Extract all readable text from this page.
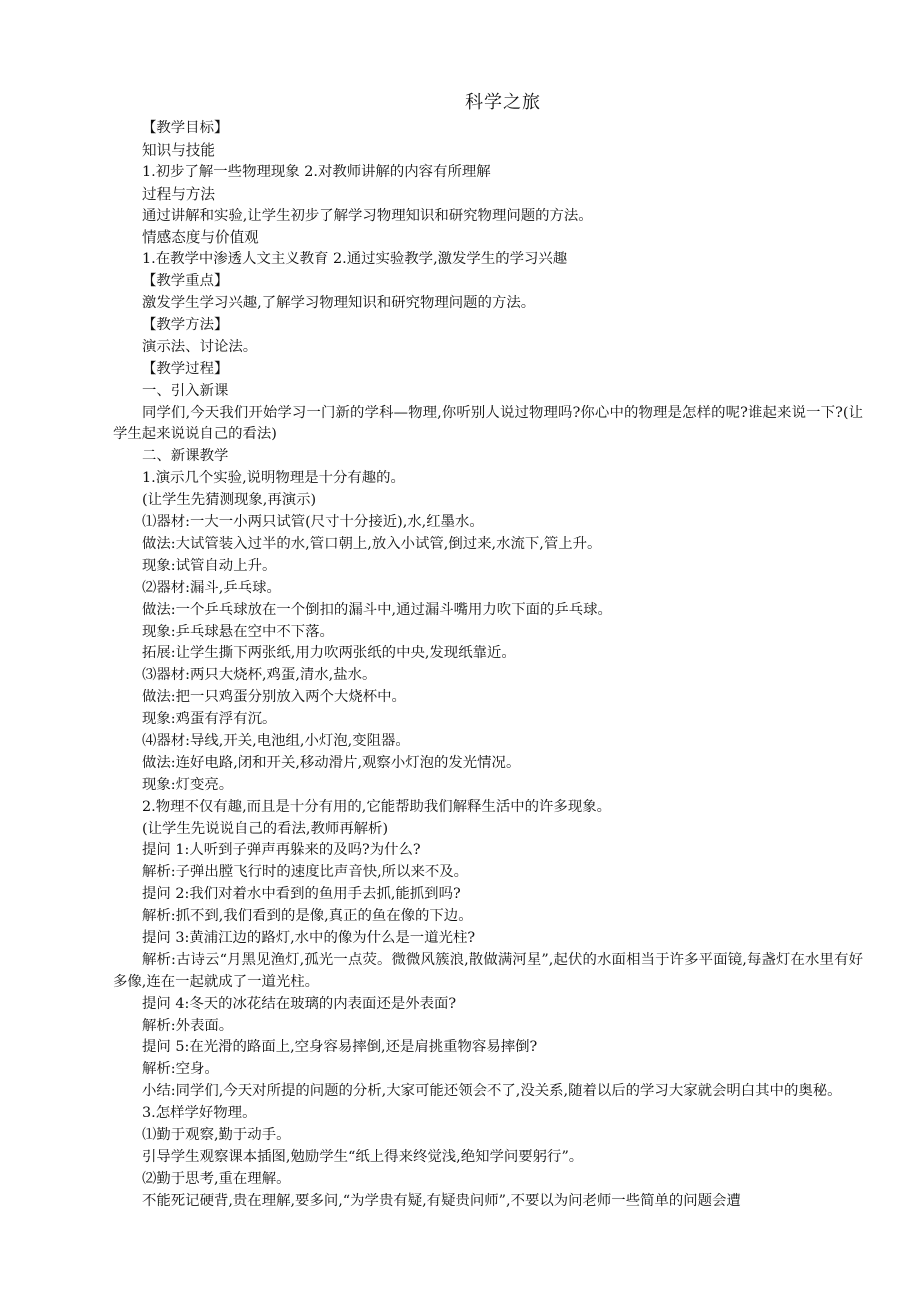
科学之旅
【教学目标】
知识与技能
1.初步了解一些物理现象 2.对教师讲解的内容有所理解
过程与方法
通过讲解和实验,让学生初步了解学习物理知识和研究物理问题的方法。
情感态度与价值观
1.在教学中渗透人文主义教育 2.通过实验教学,激发学生的学习兴趣
【教学重点】
激发学生学习兴趣,了解学习物理知识和研究物理问题的方法。
【教学方法】
演示法、讨论法。
【教学过程】
一、引入新课
同学们,今天我们开始学习一门新的学科—物理,你听别人说过物理吗?你心中的物理是怎样的呢?谁起来说一下?(让学生起来说说自己的看法)
二、新课教学
1.演示几个实验,说明物理是十分有趣的。
(让学生先猜测现象,再演示)
⑴器材:一大一小两只试管(尺寸十分接近),水,红墨水。
做法:大试管装入过半的水,管口朝上,放入小试管,倒过来,水流下,管上升。
现象:试管自动上升。
⑵器材:漏斗,乒乓球。
做法:一个乒乓球放在一个倒扣的漏斗中,通过漏斗嘴用力吹下面的乒乓球。
现象:乒乓球悬在空中不下落。
拓展:让学生撕下两张纸,用力吹两张纸的中央,发现纸靠近。
⑶器材:两只大烧杯,鸡蛋,清水,盐水。
做法:把一只鸡蛋分别放入两个大烧杯中。
现象:鸡蛋有浮有沉。
⑷器材:导线,开关,电池组,小灯泡,变阻器。
做法:连好电路,闭和开关,移动滑片,观察小灯泡的发光情况。
现象:灯变亮。
2.物理不仅有趣,而且是十分有用的,它能帮助我们解释生活中的许多现象。
(让学生先说说自己的看法,教师再解析)
提问 1:人听到子弹声再躲来的及吗?为什么?
解析:子弹出膛飞行时的速度比声音快,所以来不及。
提问 2:我们对着水中看到的鱼用手去抓,能抓到吗?
解析:抓不到,我们看到的是像,真正的鱼在像的下边。
提问 3:黄浦江边的路灯,水中的像为什么是一道光柱?
解析:古诗云“月黑见渔灯,孤光一点荧。微微风簇浪,散做满河星”,起伏的水面相当于许多平面镜,每盏灯在水里有好多像,连在一起就成了一道光柱。
提问 4:冬天的冰花结在玻璃的内表面还是外表面?
解析:外表面。
提问 5:在光滑的路面上,空身容易摔倒,还是肩挑重物容易摔倒?
解析:空身。
小结:同学们,今天对所提的问题的分析,大家可能还领会不了,没关系,随着以后的学习大家就会明白其中的奥秘。
3.怎样学好物理。
⑴勤于观察,勤于动手。
引导学生观察课本插图,勉励学生“纸上得来终觉浅,绝知学问要躬行”。
⑵勤于思考,重在理解。
不能死记硬背,贵在理解,要多问,“为学贵有疑,有疑贵问师”,不要以为问老师一些简单的问题会遭
